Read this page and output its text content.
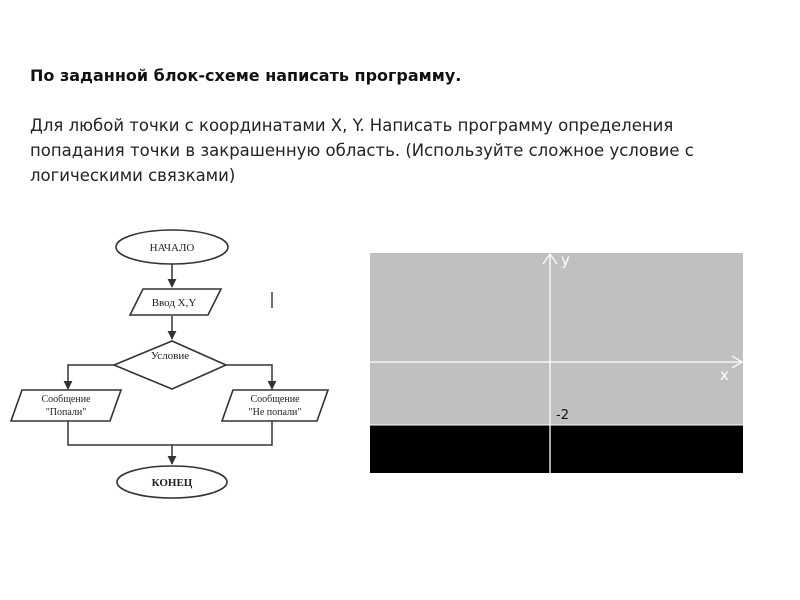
По заданной блок-схеме написать программу.

Для любой точки с координатами X, Y. Написать программу определения
попадания точки в закрашенную область. (Используйте сложное условие с
логическими связками)

НАЧАЛО
Ввод X,Y
Условие
Сообщение
"Попали"
Сообщение
"Не попали"
КОНЕЦ
y
x
-2
